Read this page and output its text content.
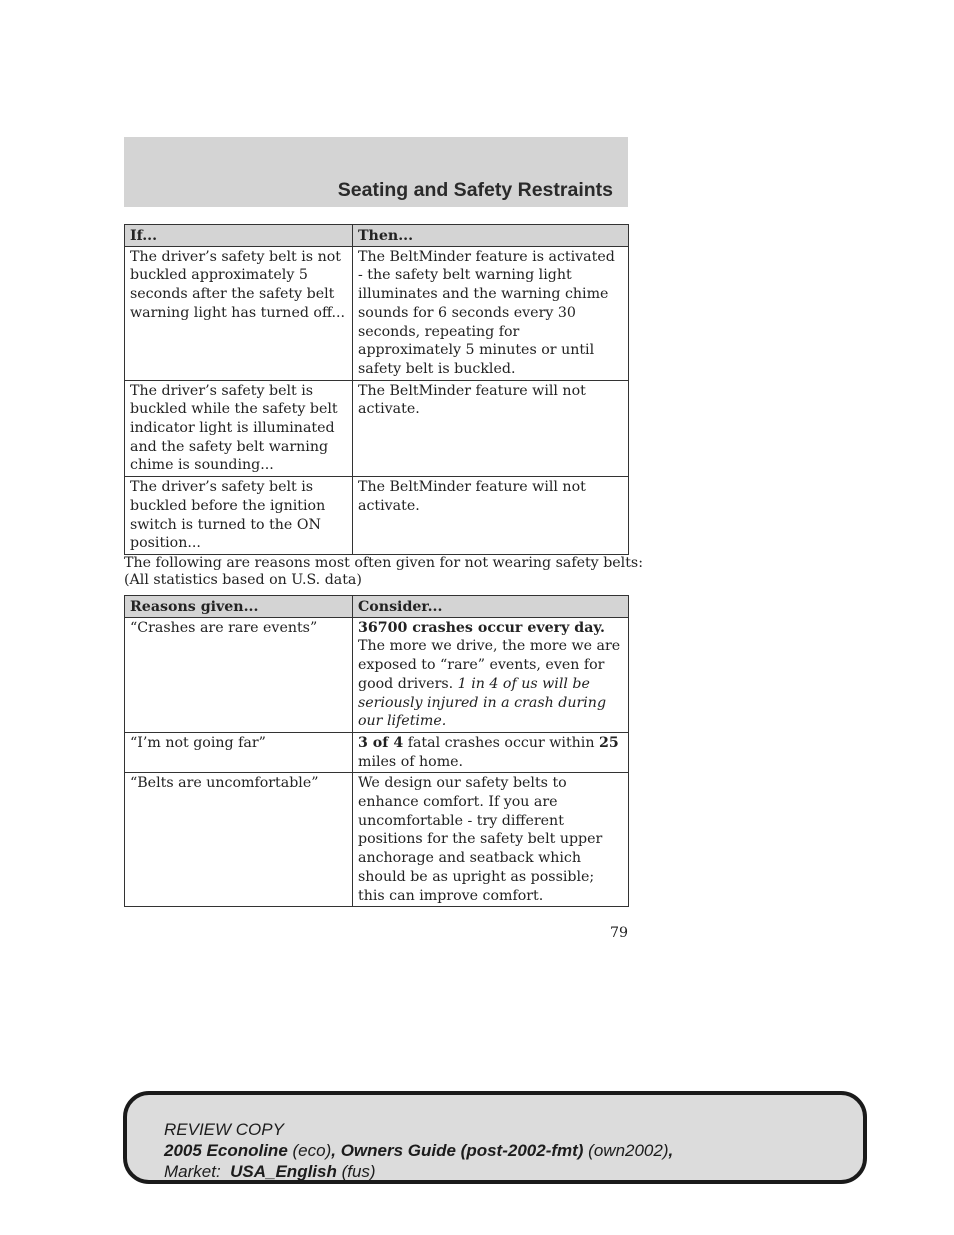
Seating and Safety Restraints
If...	Then...
The driver’s safety belt is not buckled approximately 5 seconds after the safety belt warning light has turned off...	The BeltMinder feature is activated - the safety belt warning light illuminates and the warning chime sounds for 6 seconds every 30 seconds, repeating for approximately 5 minutes or until safety belt is buckled.
The driver’s safety belt is buckled while the safety belt indicator light is illuminated and the safety belt warning chime is sounding...	The BeltMinder feature will not activate.
The driver’s safety belt is buckled before the ignition switch is turned to the ON position...	The BeltMinder feature will not activate.
The following are reasons most often given for not wearing safety belts:
(All statistics based on U.S. data)
Reasons given...	Consider...
“Crashes are rare events”	36700 crashes occur every day. The more we drive, the more we are exposed to “rare” events, even for good drivers. 1 in 4 of us will be seriously injured in a crash during our lifetime.
“I’m not going far”	3 of 4 fatal crashes occur within 25 miles of home.
“Belts are uncomfortable”	We design our safety belts to enhance comfort. If you are uncomfortable - try different positions for the safety belt upper anchorage and seatback which should be as upright as possible; this can improve comfort.
79
REVIEW COPY
2005 Econoline (eco), Owners Guide (post-2002-fmt) (own2002),
Market:  USA_English (fus)
